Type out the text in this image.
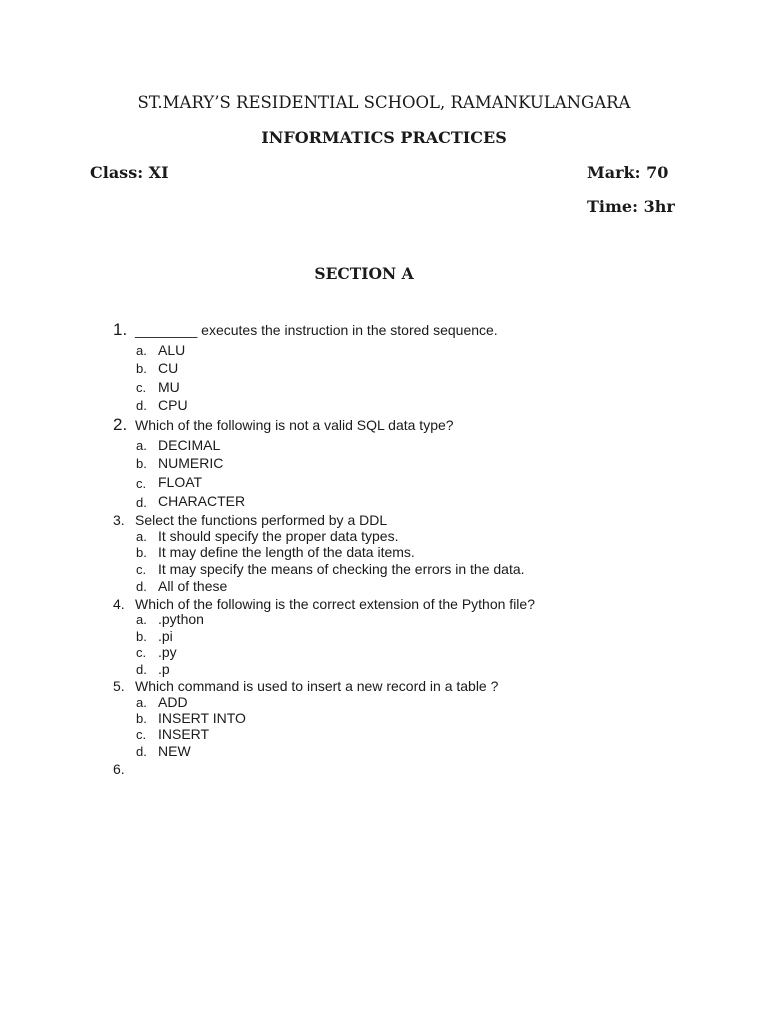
ST.MARY’S RESIDENTIAL SCHOOL, RAMANKULANGARA
INFORMATICS PRACTICES
Class: XI	Mark: 70
Time: 3hr
SECTION A
1. ________ executes the instruction in the stored sequence.
a. ALU
b. CU
c. MU
d. CPU
2. Which of the following is not a valid SQL data type?
a. DECIMAL
b. NUMERIC
c. FLOAT
d. CHARACTER
3. Select the functions performed by a DDL
a. It should specify the proper data types.
b. It may define the length of the data items.
c. It may specify the means of checking the errors in the data.
d. All of these
4. Which of the following is the correct extension of the Python file?
a. .python
b. .pi
c. .py
d. .p
5. Which command is used to insert a new record in a table ?
a. ADD
b. INSERT INTO
c. INSERT
d. NEW
6.
